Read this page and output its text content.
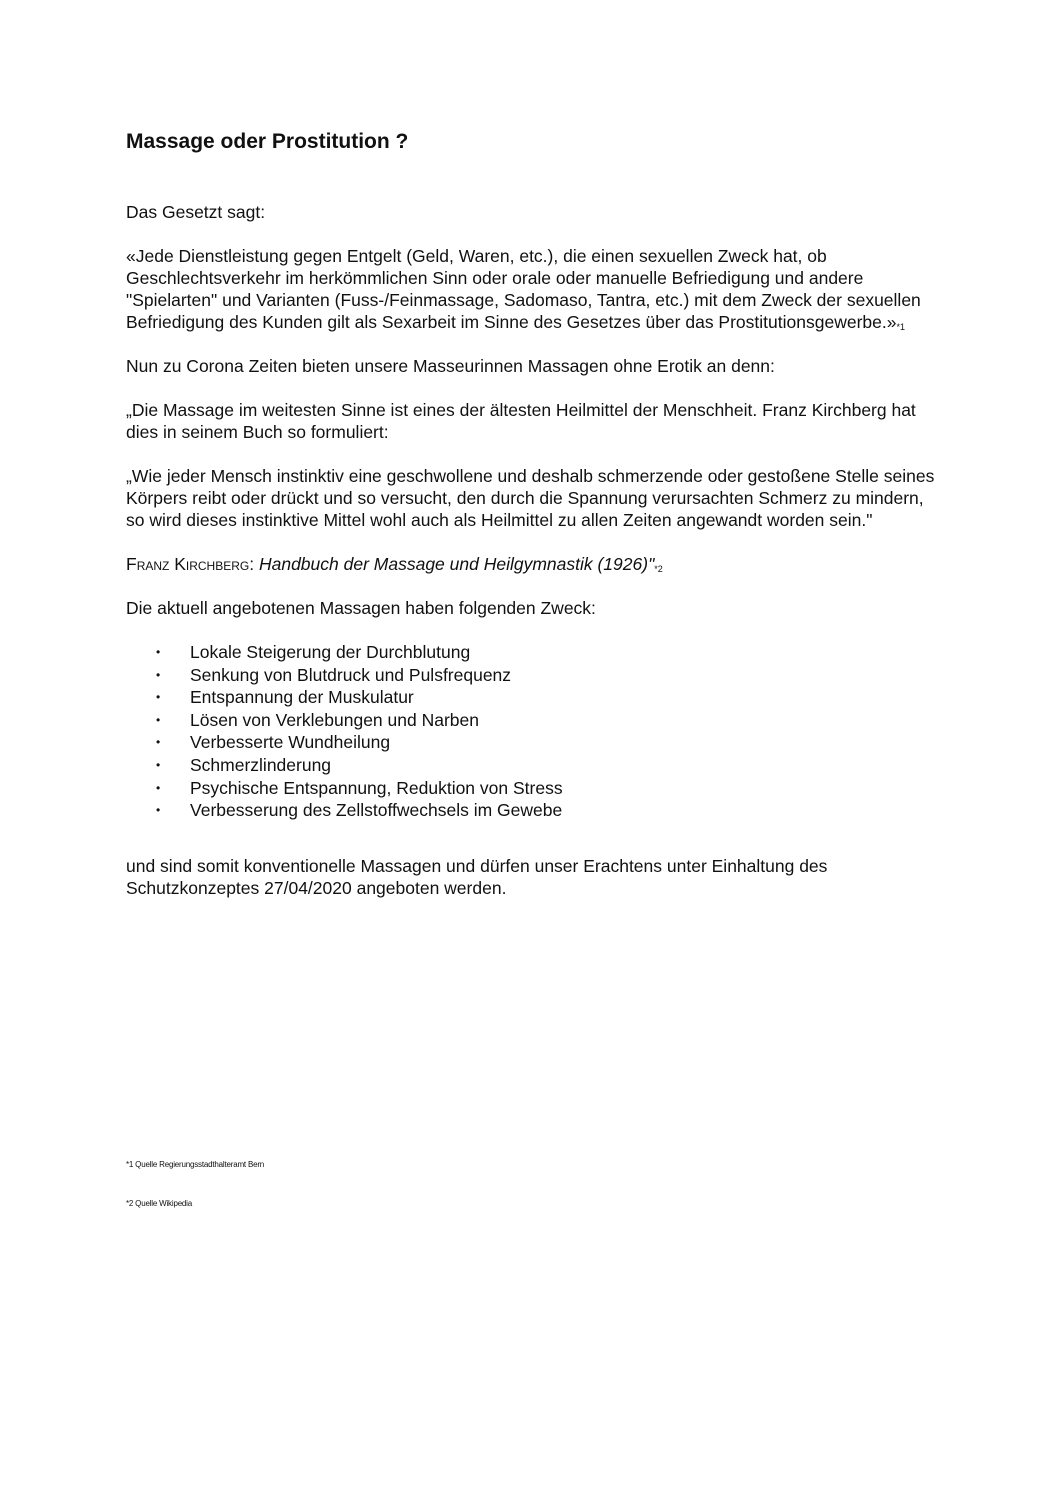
Massage oder Prostitution ?

Das Gesetzt sagt:

«Jede Dienstleistung gegen Entgelt (Geld, Waren, etc.), die einen sexuellen Zweck hat, ob Geschlechtsverkehr im herkömmlichen Sinn oder orale oder manuelle Befriedigung und andere "Spielarten" und Varianten (Fuss-/Feinmassage, Sadomaso, Tantra, etc.) mit dem Zweck der sexuellen Befriedigung des Kunden gilt als Sexarbeit im Sinne des Gesetzes über das Prostitutionsgewerbe.»$^{*1}$

Nun zu Corona Zeiten bieten unsere Masseurinnen Massagen ohne Erotik an denn:

„Die Massage im weitesten Sinne ist eines der ältesten Heilmittel der Menschheit. Franz Kirchberg hat dies in seinem Buch so formuliert:

„Wie jeder Mensch instinktiv eine geschwollene und deshalb schmerzende oder gestoßene Stelle seines Körpers reibt oder drückt und so versucht, den durch die Spannung verursachten Schmerz zu mindern, so wird dieses instinktive Mittel wohl auch als Heilmittel zu allen Zeiten angewandt worden sein."

Franz Kirchberg: Handbuch der Massage und Heilgymnastik (1926)"$^{*2}$

Die aktuell angebotenen Massagen haben folgenden Zweck:

• Lokale Steigerung der Durchblutung
• Senkung von Blutdruck und Pulsfrequenz
• Entspannung der Muskulatur
• Lösen von Verklebungen und Narben
• Verbesserte Wundheilung
• Schmerzlinderung
• Psychische Entspannung, Reduktion von Stress
• Verbesserung des Zellstoffwechsels im Gewebe

und sind somit konventionelle Massagen und dürfen unser Erachtens unter Einhaltung des Schutzkonzeptes 27/04/2020 angeboten werden.

*1 Quelle Regierungsstadthalteramt Bern
*2 Quelle Wikipedia
